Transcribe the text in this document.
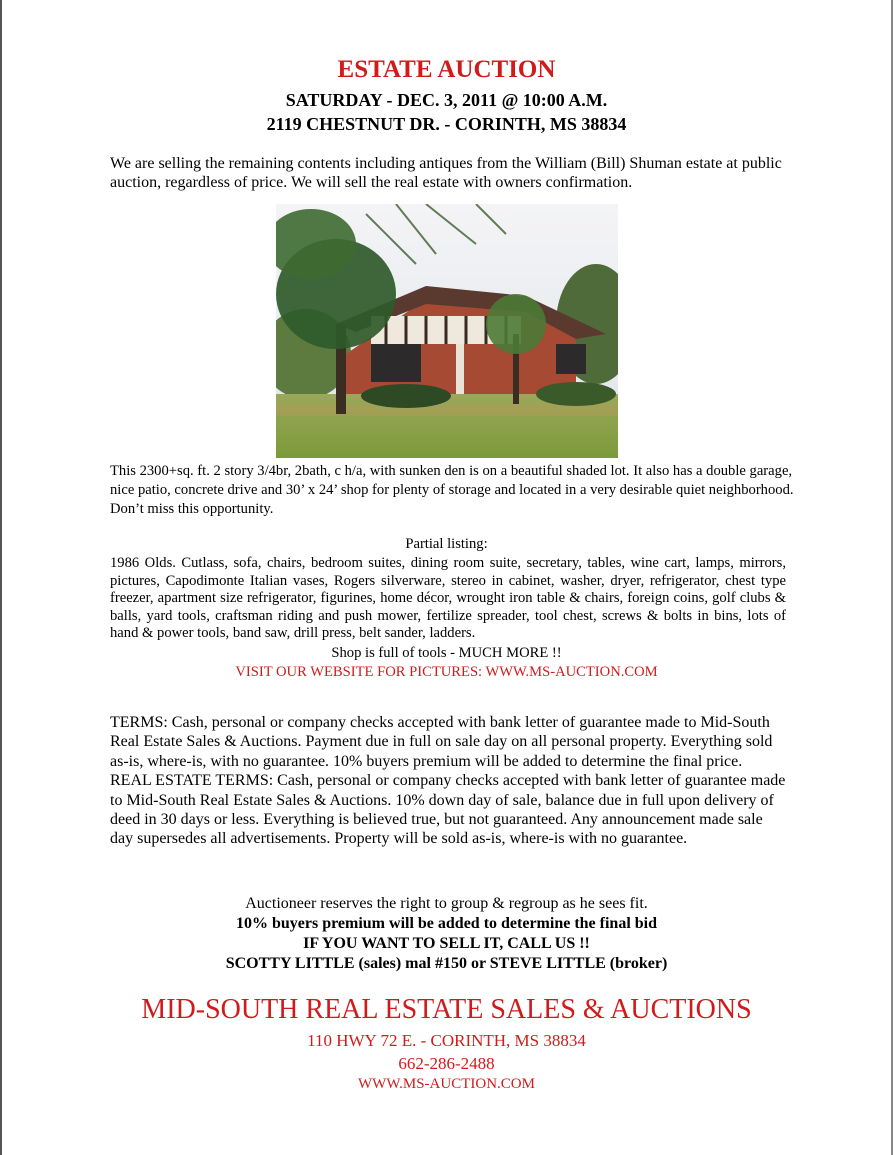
ESTATE AUCTION
SATURDAY - DEC. 3, 2011 @ 10:00 A.M.
2119 CHESTNUT DR. - CORINTH, MS 38834

We are selling the remaining contents including antiques from the William (Bill) Shuman estate at public auction, regardless of price. We will sell the real estate with owners confirmation.

This 2300+sq. ft. 2 story 3/4br, 2bath, c h/a, with sunken den is on a beautiful shaded lot. It also has a double garage, nice patio, concrete drive and 30’ x 24’ shop for plenty of storage and located in a very desirable quiet neighborhood. Don’t miss this opportunity.

Partial listing:

1986 Olds. Cutlass, sofa, chairs, bedroom suites, dining room suite, secretary, tables, wine cart, lamps, mirrors, pictures, Capodimonte Italian vases, Rogers silverware, stereo in cabinet, washer, dryer, refrigerator, chest type freezer, apartment size refrigerator, figurines, home décor, wrought iron table & chairs, foreign coins, golf clubs & balls, yard tools, craftsman riding and push mower, fertilize spreader, tool chest, screws & bolts in bins, lots of hand & power tools, band saw, drill press, belt sander, ladders.

Shop is full of tools - MUCH MORE !!
VISIT OUR WEBSITE FOR PICTURES: WWW.MS-AUCTION.COM

TERMS: Cash, personal or company checks accepted with bank letter of guarantee made to Mid-South Real Estate Sales & Auctions. Payment due in full on sale day on all personal property. Everything sold as-is, where-is, with no guarantee. 10% buyers premium will be added to determine the final price.

REAL ESTATE TERMS: Cash, personal or company checks accepted with bank letter of guarantee made to Mid-South Real Estate Sales & Auctions. 10% down day of sale, balance due in full upon delivery of deed in 30 days or less. Everything is believed true, but not guaranteed. Any announcement made sale day supersedes all advertisements. Property will be sold as-is, where-is with no guarantee.

Auctioneer reserves the right to group & regroup as he sees fit.
10% buyers premium will be added to determine the final bid
IF YOU WANT TO SELL IT, CALL US !!
SCOTTY LITTLE (sales) mal #150 or STEVE LITTLE (broker)
MID-SOUTH REAL ESTATE SALES & AUCTIONS
110 HWY 72 E. - CORINTH, MS 38834
662-286-2488
WWW.MS-AUCTION.COM
